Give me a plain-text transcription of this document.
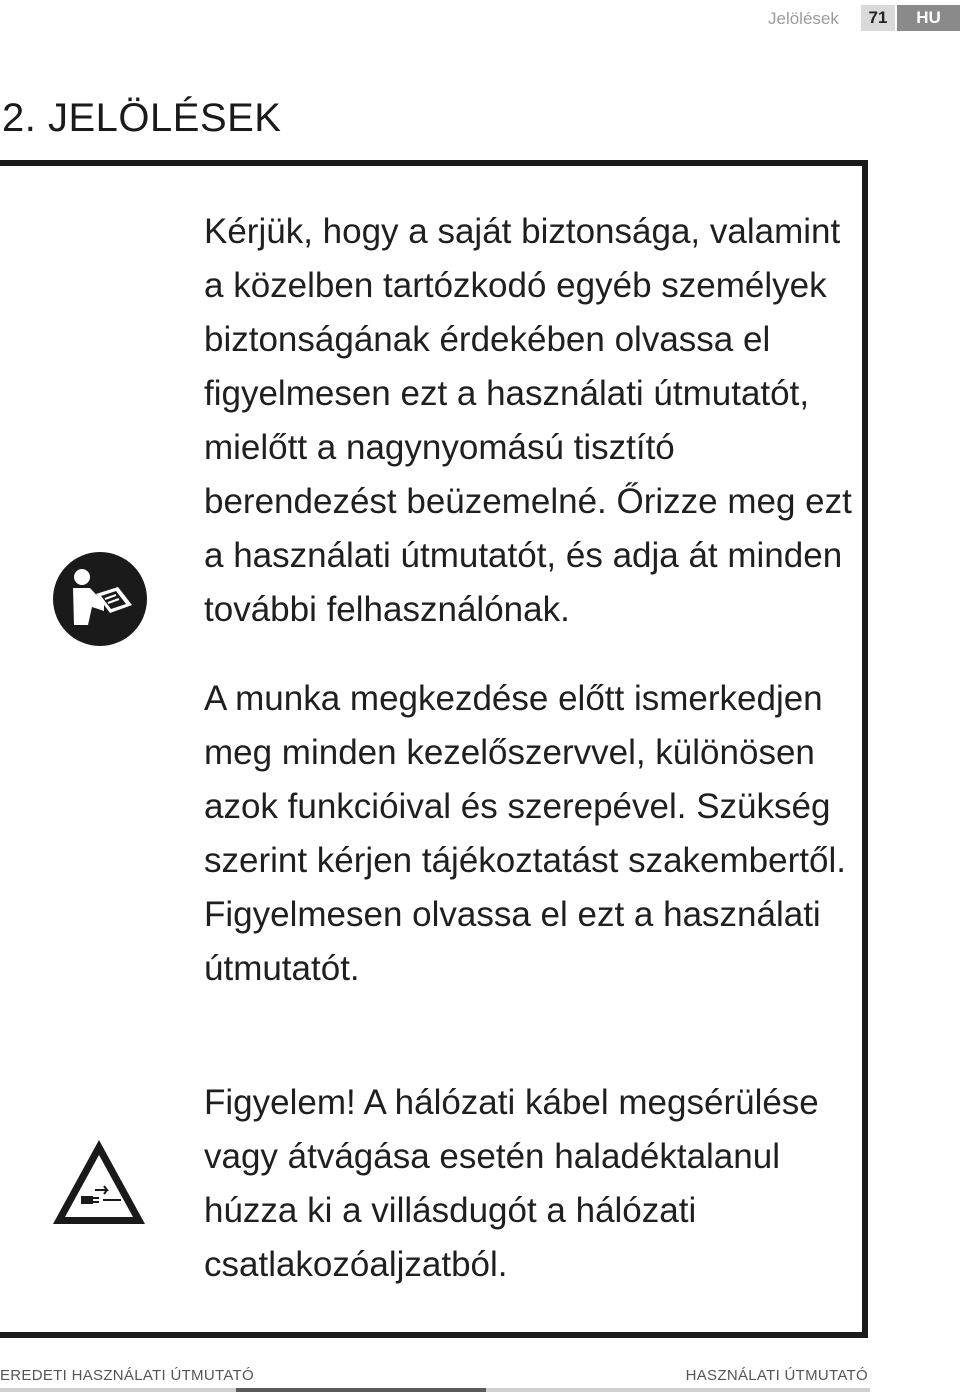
Jelölések	71	HU
2. JELÖLÉSEK

Kérjük, hogy a saját biztonsága, valamint a közelben tartózkodó egyéb személyek biztonságának érdekében olvassa el figyelmesen ezt a használati útmutatót, mielőtt a nagynyomású tisztító berendezést beüzemelné. Őrizze meg ezt a használati útmutatót, és adja át minden további felhasználónak.

A munka megkezdése előtt ismerkedjen meg minden kezelőszervvel, különösen azok funkcióival és szerepével. Szükség szerint kérjen tájékoztatást szakembertől. Figyelmesen olvassa el ezt a használati útmutatót.

Figyelem! A hálózati kábel megsérülése vagy átvágása esetén haladéktalanul húzza ki a villásdugót a hálózati csatlakozóaljzatból.

EREDETI HASZNÁLATI ÚTMUTATÓ	HASZNÁLATI ÚTMUTATÓ
